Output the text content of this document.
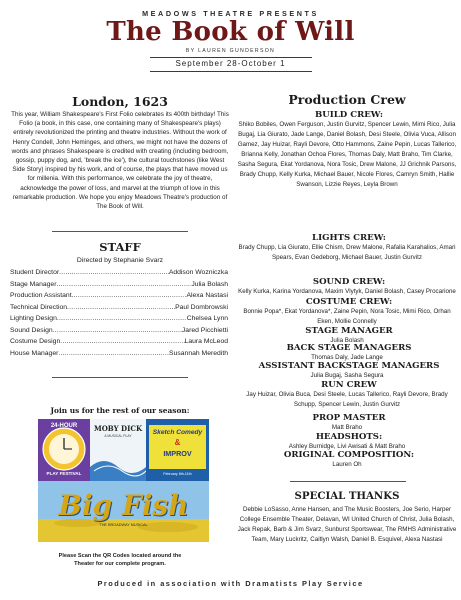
MEADOWS THEATRE PRESENTS
The Book of Will
BY LAUREN GUNDERSON
September 28-October 1
London, 1623
This year, William Shakespeare's First Folio celebrates its 400th birthday! This Folio (a book, in this case, one containing many of Shakespeare's plays) entirely revolutionized the printing and theatre industries. Without the work of Henry Condell, John Heminges, and others, we might not have the dozens of words and phrases Shakespeare is credited with creating (including bedroom, gossip, puppy dog, and, 'break the ice'), the cultural touchstones (like West Side Story) inspired by his work, and of course, the plays that have moved us for millenia. With this performance, we celebrate the joy of theatre, acknowledge the power of loss, and marvel at the triumph of love in this remarkable production. We hope you enjoy Meadows Theatre's production of The Book of Will.
STAFF
Directed by Stephanie Svarz
Student Director .....	Addison Wozniczka
Stage Manager .....	Julia Bolash
Production Assistant .....	Alexa Nastasi
Technical Direction .....	Paul Dombrowski
Lighting Design .....	Chelsea Lynn
Sound Design .....	Jared Picchietti
Costume Design .....	Laura McLeod
House Manager .....	Susannah Meredith
Join us for the rest of our season:
24-HOUR
PLAY FESTIVAL
MOBY DICK
A MUSICAL PLAY	Sketch Comedy
&
IMPROV
February 8th-11th
Big Fish
THE BROADWAY MUSICAL
Please Scan the QR Codes located around the Theater for our complete program.
Production Crew
BUILD CREW:
Shiko Bobiles, Owen Ferguson, Justin Gurvitz, Spencer Lewin, Mimi Rico, Julia Bugaj, Lia Giurato, Jade Lange, Daniel Bolash, Desi Steele, Olivia Vuca, Allison Gamez, Jay Huizar, Rayli Devore, Otto Hammons, Zaine Pepin, Lucas Tallerico, Brianna Kelly, Jonathan Ochoa Flores, Thomas Daly, Matt Braho, Tim Clarke, Sasha Segura, Ekat Yordanova, Nora Tosic, Drew Malone, JJ Grichnik Parsons, Brady Chupp, Kelly Kurka, Michael Bauer, Nicole Flores, Camryn Smith, Hallie Swanson, Lizzie Reyes, Leyla Brown
LIGHTS CREW:
Brady Chupp, Lia Giurato, Ellie Chism, Drew Malone, Rafalia Karahalios, Amari Spears, Evan Gedeborg, Michael Bauer, Justin Gurvitz
SOUND CREW:
Kelly Kurka, Karina Yordanova, Maxim Vlytyk, Daniel Bolash, Casey Procarione
COSTUME CREW:
Bonnie Popa*, Ekat Yordanova*, Zaine Pepin, Nora Tosic, Mimi Rico, Orhan Eken, Mollie Connelly
STAGE MANAGER
Julia Bolash
BACK STAGE MANAGERS
Thomas Daly, Jade Lange
ASSISTANT BACKSTAGE MANAGERS
Julia Bugaj, Sasha Segura
RUN CREW
Jay Huizar, Olivia Buca, Desi Steele, Lucas Tallerico, Rayli Devore, Brady Schupp, Spencer Lewin, Justin Gurvitz
PROP MASTER
Matt Braho
HEADSHOTS:
Ashley Burnidge, Livi Awisati & Matt Braho
ORIGINAL COMPOSITION:
Lauren Oh
SPECIAL THANKS
Debbie LoSasso, Anne Hansen, and The Music Boosters, Joe Serio, Harper College Ensemble Theater, Delavan, WI United Church of Christ, Julia Bolash, Jack Repak, Barb & Jim Svarz, Sunburst Sportswear, The RMHS Administrative Team, Mary Luckritz, Caitlyn Walsh, Daniel B. Esquivel, Alexa Nastasi
Produced in association with Dramatists Play Service
